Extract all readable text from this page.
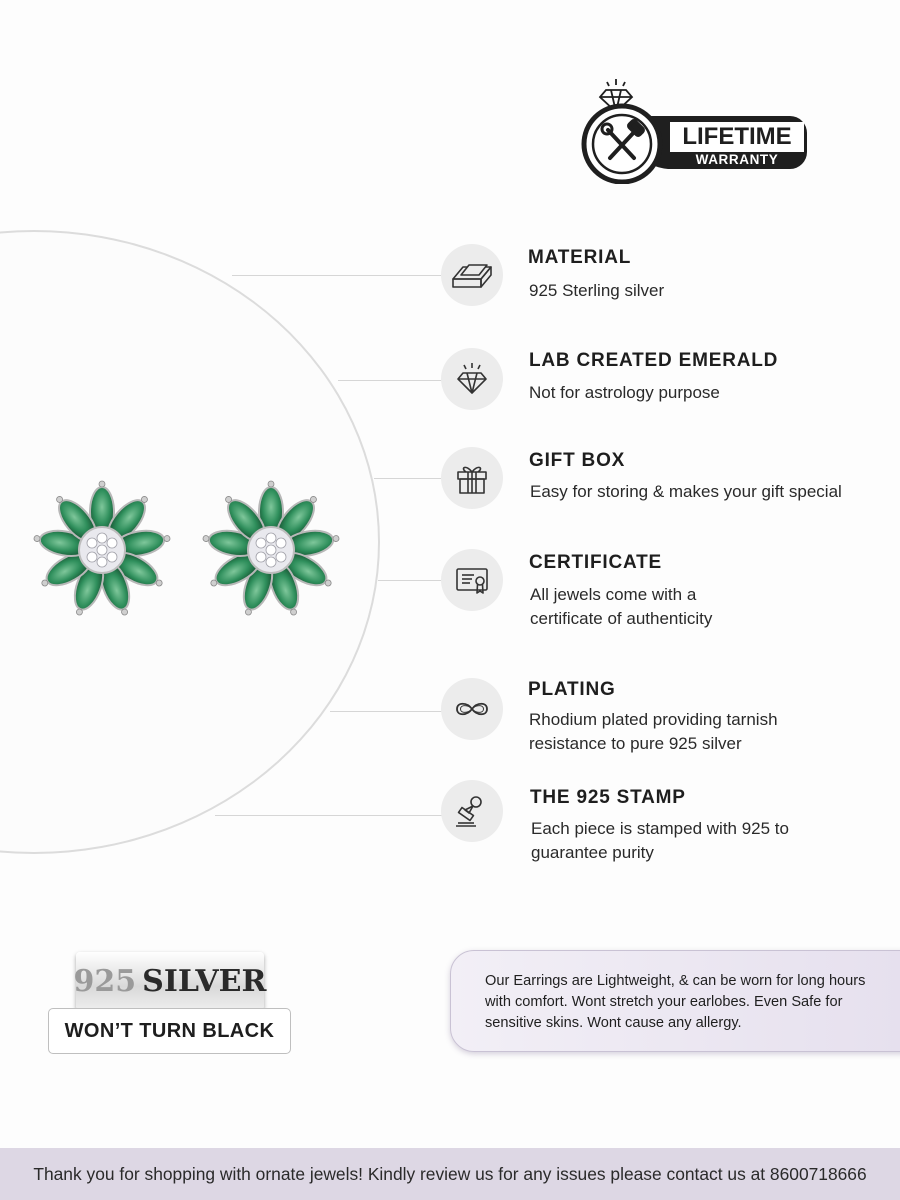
LIFETIME
WARRANTY
MATERIAL
925 Sterling silver
LAB CREATED EMERALD
Not for astrology purpose
GIFT BOX
Easy for storing & makes your gift special
CERTIFICATE
All jewels come with a certificate of authenticity
PLATING
Rhodium plated providing tarnish resistance to pure 925 silver
THE 925 STAMP
Each piece is stamped with 925 to guarantee purity
925 SILVER
WON’T TURN BLACK

Our Earrings are Lightweight, & can be worn for long hours with comfort. Wont stretch your earlobes. Even Safe for sensitive skins. Wont cause any allergy.

Thank you for shopping with ornate jewels! Kindly review us for any issues please contact us at 8600718666
